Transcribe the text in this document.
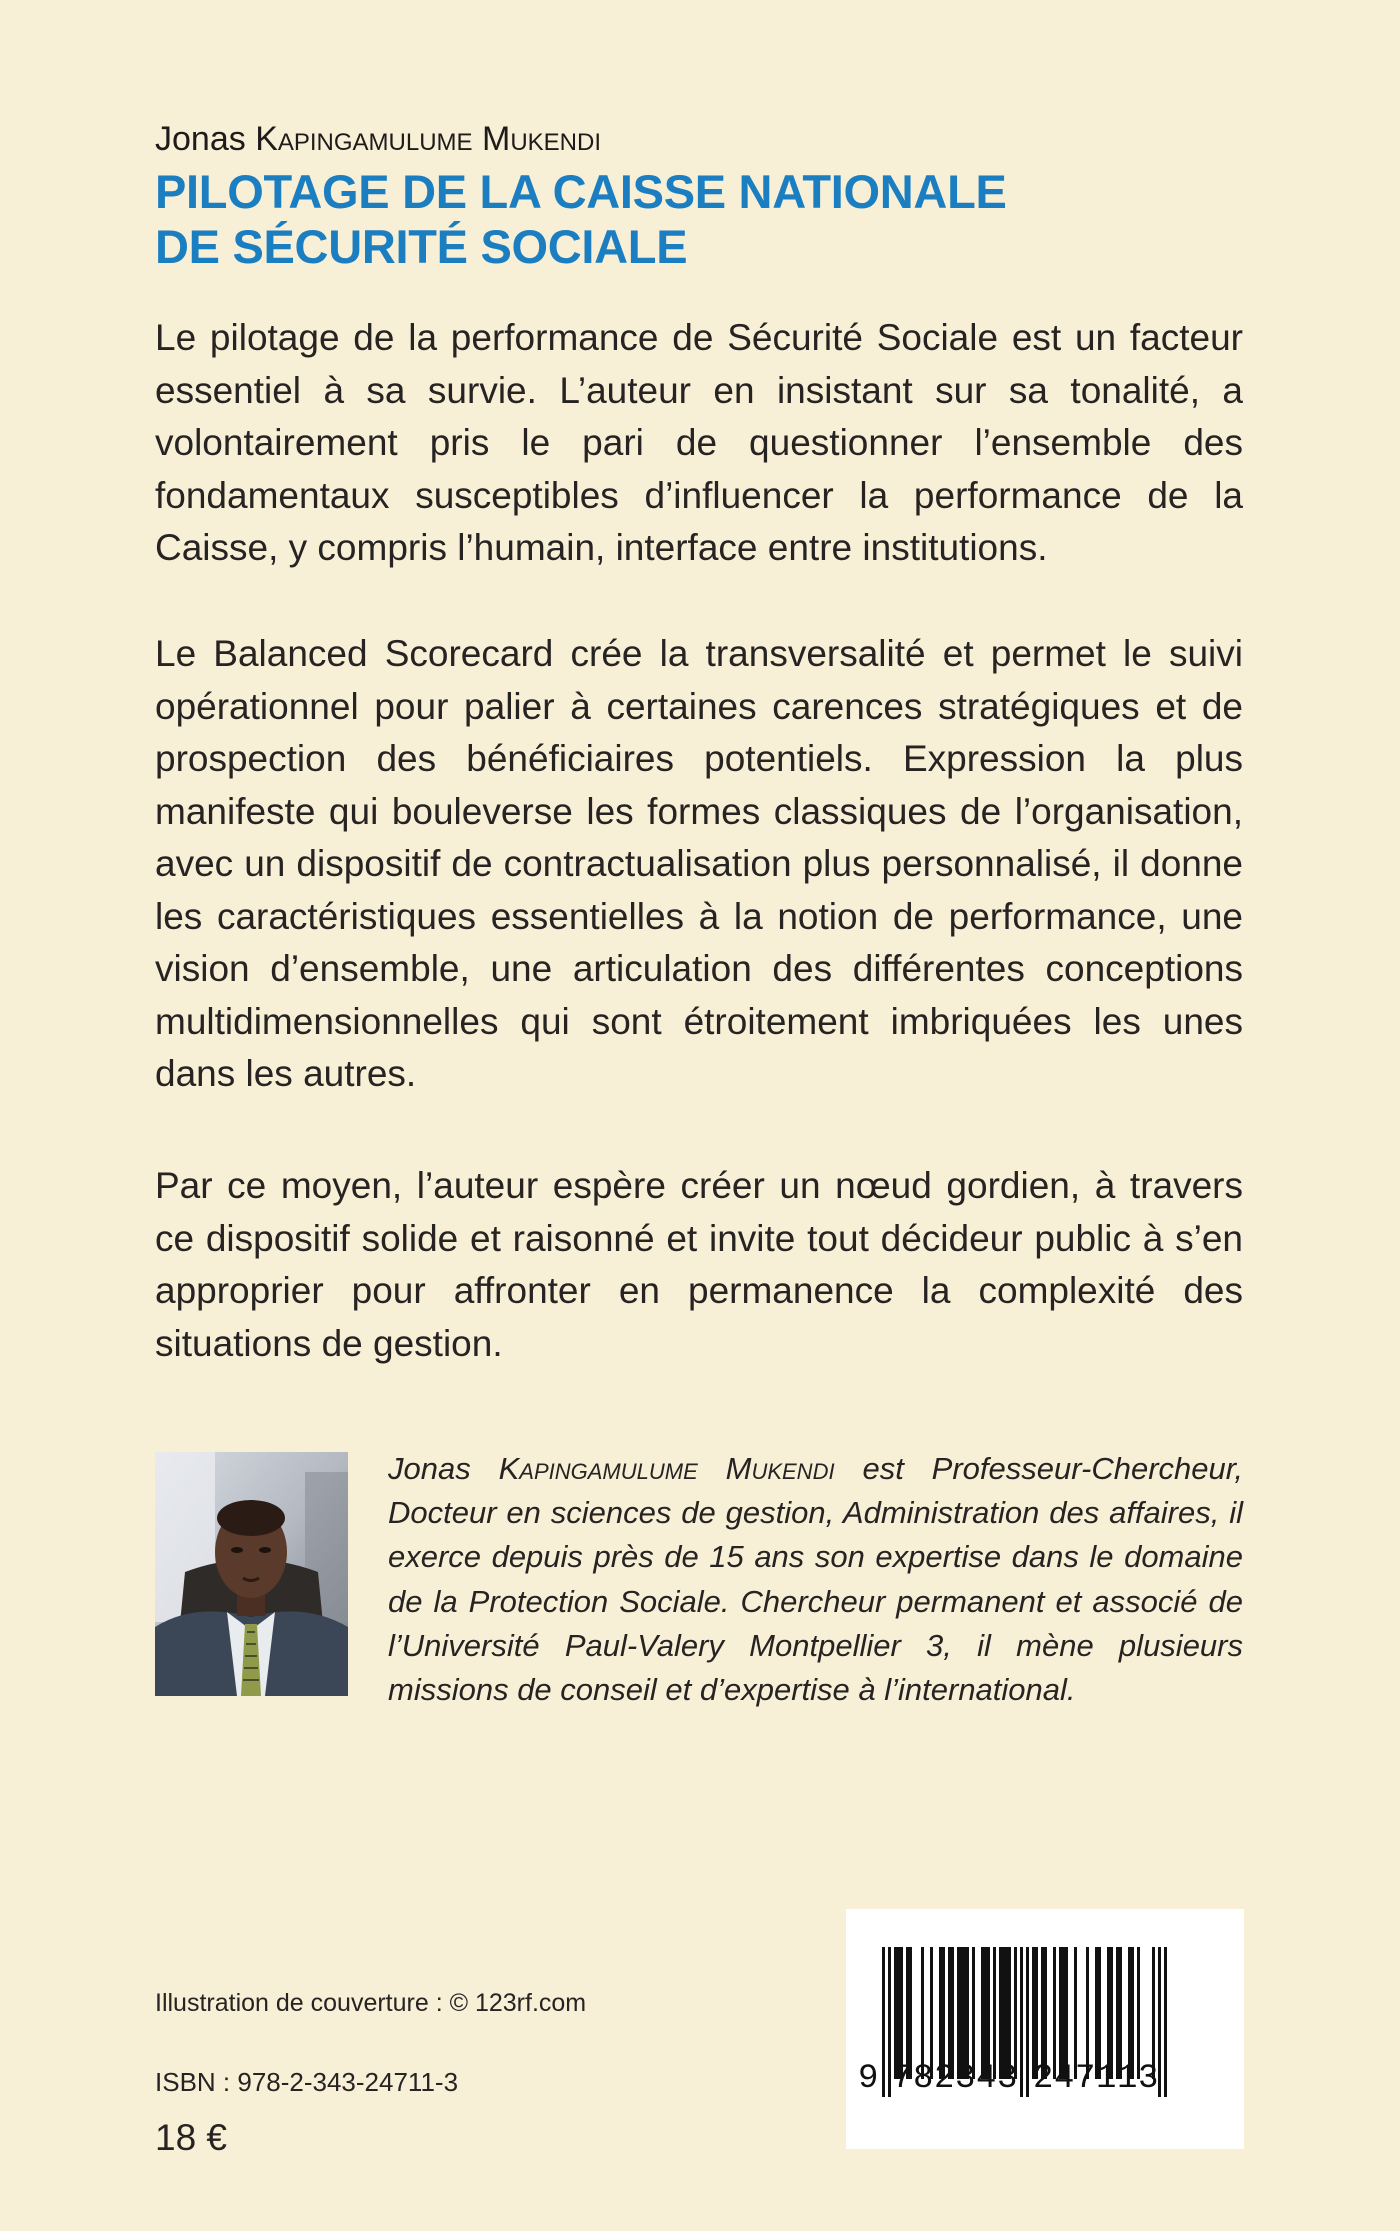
Jonas Kapingamulume Mukendi
PILOTAGE DE LA CAISSE NATIONALE
DE SÉCURITÉ SOCIALE
Le pilotage de la performance de Sécurité Sociale est un facteur essentiel à sa survie. L’auteur en insistant sur sa tonalité, a volontairement pris le pari de questionner l’ensemble des fondamentaux susceptibles d’influencer la performance de la Caisse, y compris l’humain, interface entre institutions.
Le Balanced Scorecard crée la transversalité et permet le suivi opérationnel pour palier à certaines carences stratégiques et de prospection des bénéficiaires potentiels. Expression la plus manifeste qui bouleverse les formes classiques de l’organisation, avec un dispositif de contractualisation plus personnalisé, il donne les caractéristiques essentielles à la notion de performance, une vision d’ensemble, une articulation des différentes conceptions multidimensionnelles qui sont étroitement imbriquées les unes dans les autres.
Par ce moyen, l’auteur espère créer un nœud gordien, à travers ce dispositif solide et raisonné et invite tout décideur public à s’en approprier pour affronter en permanence la complexité des situations de gestion.
Jonas Kapingamulume Mukendi est Professeur-Chercheur, Docteur en sciences de gestion, Administration des affaires, il exerce depuis près de 15 ans son expertise dans le domaine de la Protection Sociale. Chercheur permanent et associé de l’Université Paul-Valery Montpellier 3, il mène plusieurs missions de conseil et d’expertise à l’international.
Illustration de couverture : © 123rf.com
ISBN : 978-2-343-24711-3
18 €
9 7 8 2 3 4 3 2 4 7 1 1 3
